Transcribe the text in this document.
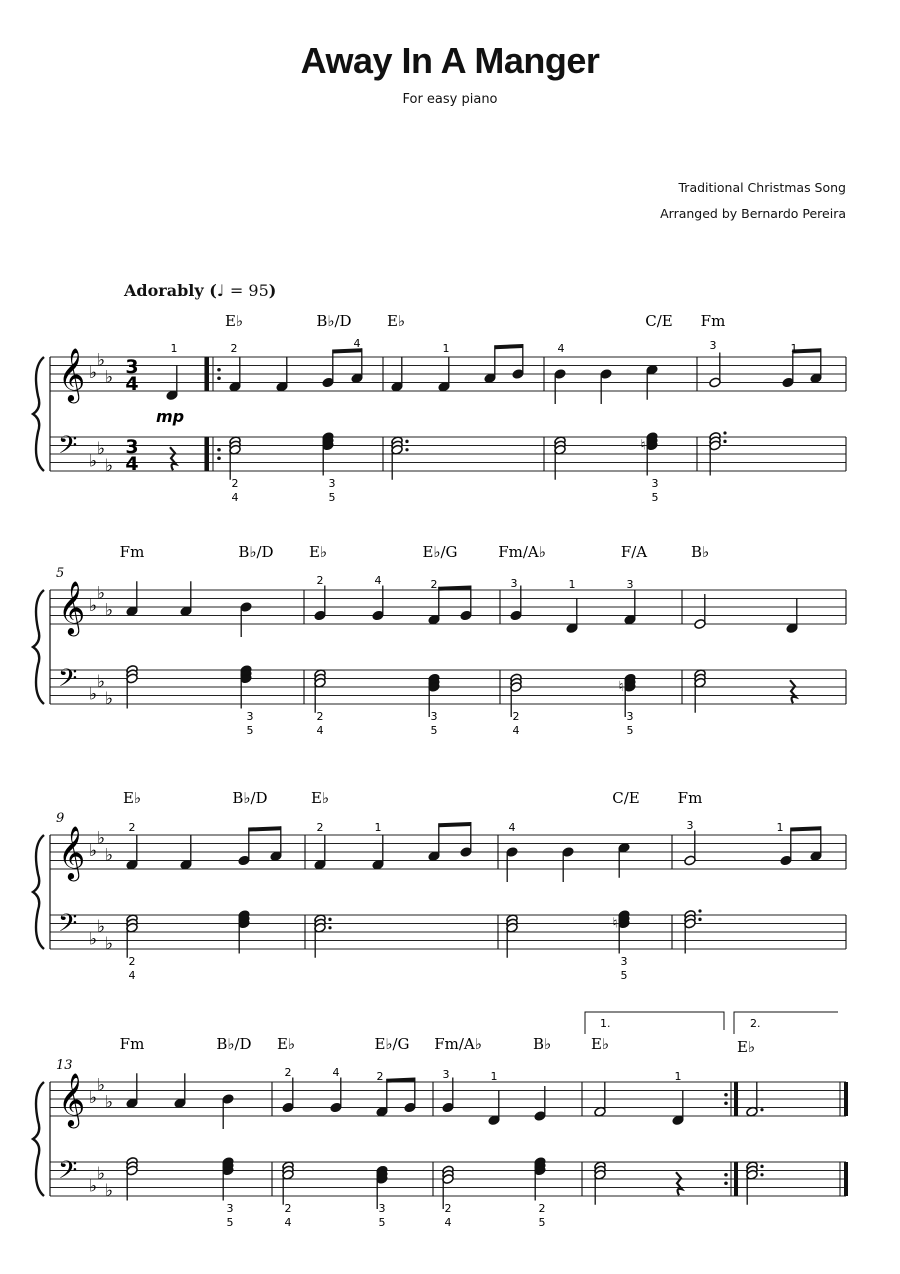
Away In A Manger
For easy piano
Traditional Christmas Song
Arranged by Bernardo Pereira
Adorably (♩ = 95)
𝄞
𝄢
♭
♭
♭
♭
♭
♭
𝄞
𝄢
♭
♭
♭
♭
♭
♭
5
𝄞
𝄢
♭
♭
♭
♭
♭
♭
9
𝄞
𝄢
♭
♭
♭
♭
♭
♭
13
3
4
3
4
mp
♮
♮
♮
1.	2.
E♭	B♭/D E♭	C/E Fm
Fm	B♭/D E♭	E♭/G	Fm/A♭	F/A	B♭
E♭	B♭/D	E♭	C/E	Fm
Fm	B♭/D E♭	E♭/G Fm/A♭	B♭	E♭	E♭
1	2	4	1	4	3	1
2	4	2	3	1	3
2	2	1	4	3	1
2	4	2	3	1	1
2
4
3
5
3
5
3
5
2
4
3
5
2
4
3
5
2
4
3
5
3
5
2
4
3
5
2
4
2
5
